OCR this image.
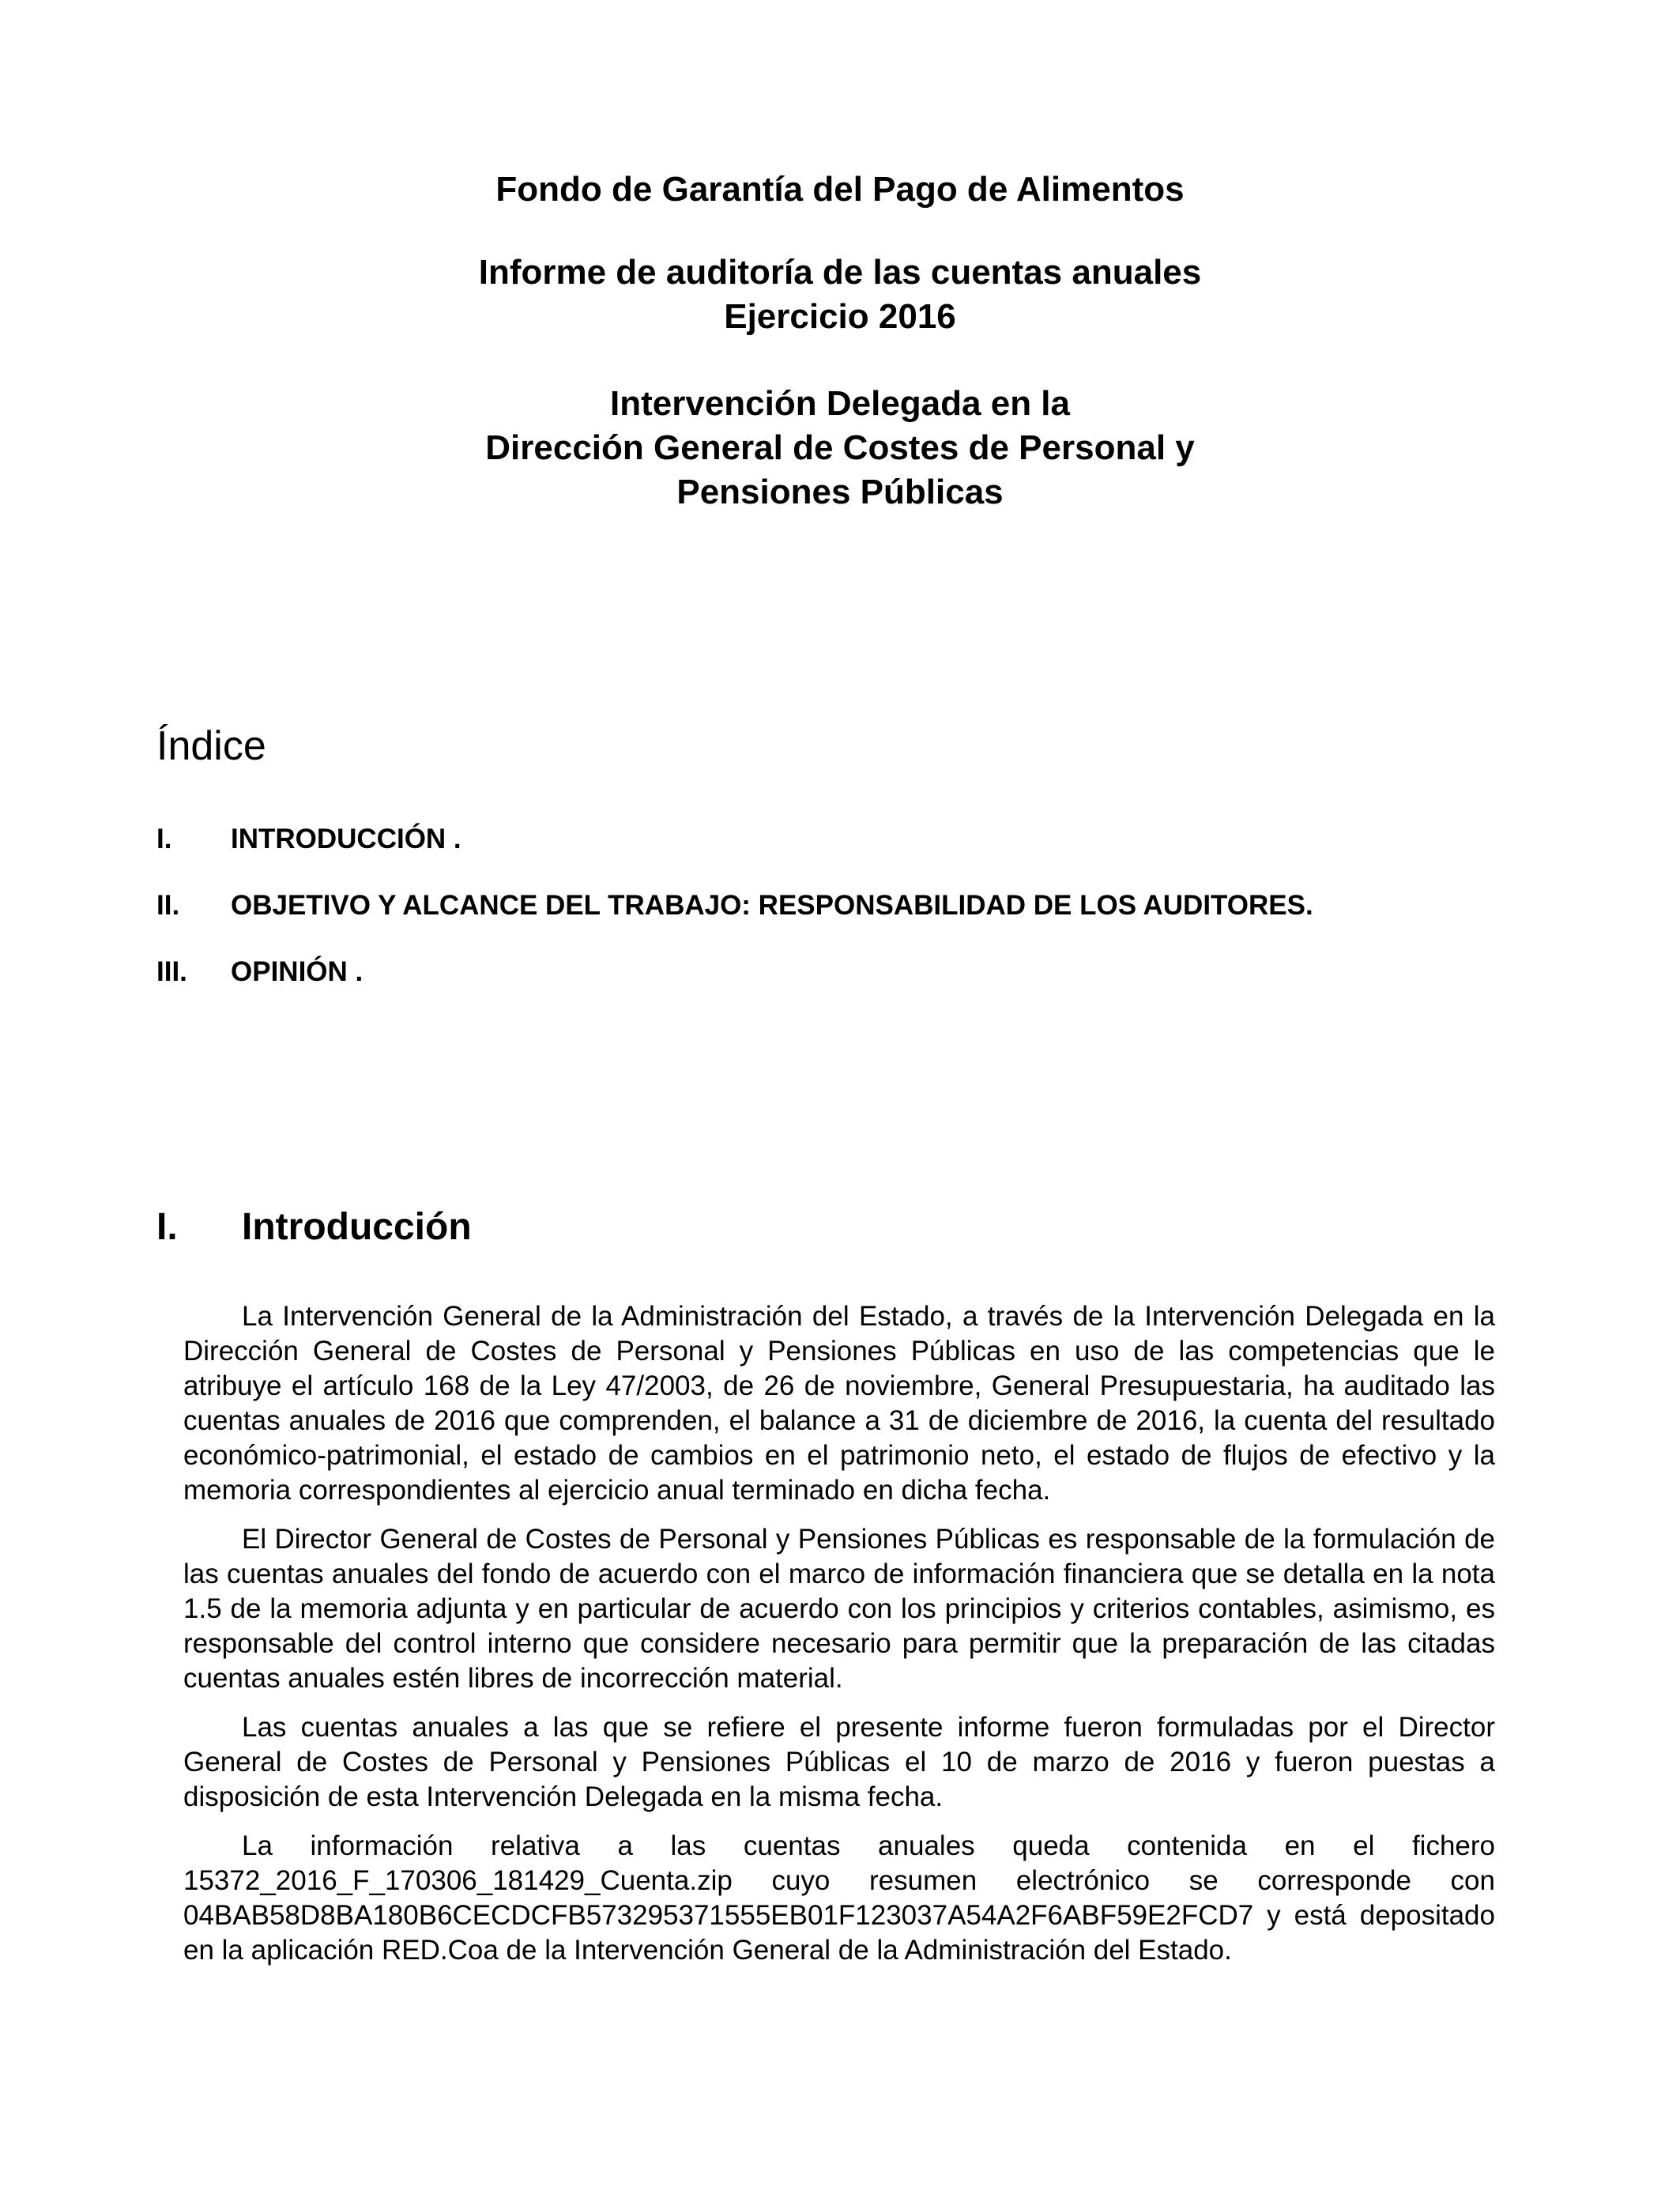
Fondo de Garantía del Pago de Alimentos
Informe de auditoría de las cuentas anuales
Ejercicio 2016
Intervención Delegada en la
Dirección General de Costes de Personal y
Pensiones Públicas
Índice
I. INTRODUCCIÓN .
II. OBJETIVO Y ALCANCE DEL TRABAJO: RESPONSABILIDAD DE LOS AUDITORES.
III. OPINIÓN .
I. Introducción

La Intervención General de la Administración del Estado, a través de la Intervención Delegada en la Dirección General de Costes de Personal y Pensiones Públicas en uso de las competencias que le atribuye el artículo 168 de la Ley 47/2003, de 26 de noviembre, General Presupuestaria, ha auditado las cuentas anuales de 2016 que comprenden, el balance a 31 de diciembre de 2016, la cuenta del resultado económico-patrimonial, el estado de cambios en el patrimonio neto, el estado de flujos de efectivo y la memoria correspondientes al ejercicio anual terminado en dicha fecha.

El Director General de Costes de Personal y Pensiones Públicas es responsable de la formulación de las cuentas anuales del fondo de acuerdo con el marco de información financiera que se detalla en la nota 1.5 de la memoria adjunta y en particular de acuerdo con los principios y criterios contables, asimismo, es responsable del control interno que considere necesario para permitir que la preparación de las citadas cuentas anuales estén libres de incorrección material.

Las cuentas anuales a las que se refiere el presente informe fueron formuladas por el Director General de Costes de Personal y Pensiones Públicas el 10 de marzo de 2016 y fueron puestas a disposición de esta Intervención Delegada en la misma fecha.

La información relativa a las cuentas anuales queda contenida en el fichero 15372_2016_F_170306_181429_Cuenta.zip cuyo resumen electrónico se corresponde con 04BAB58D8BA180B6CECDCFB573295371555EB01F123037A54A2F6ABF59E2FCD7 y está depositado en la aplicación RED.Coa de la Intervención General de la Administración del Estado.
